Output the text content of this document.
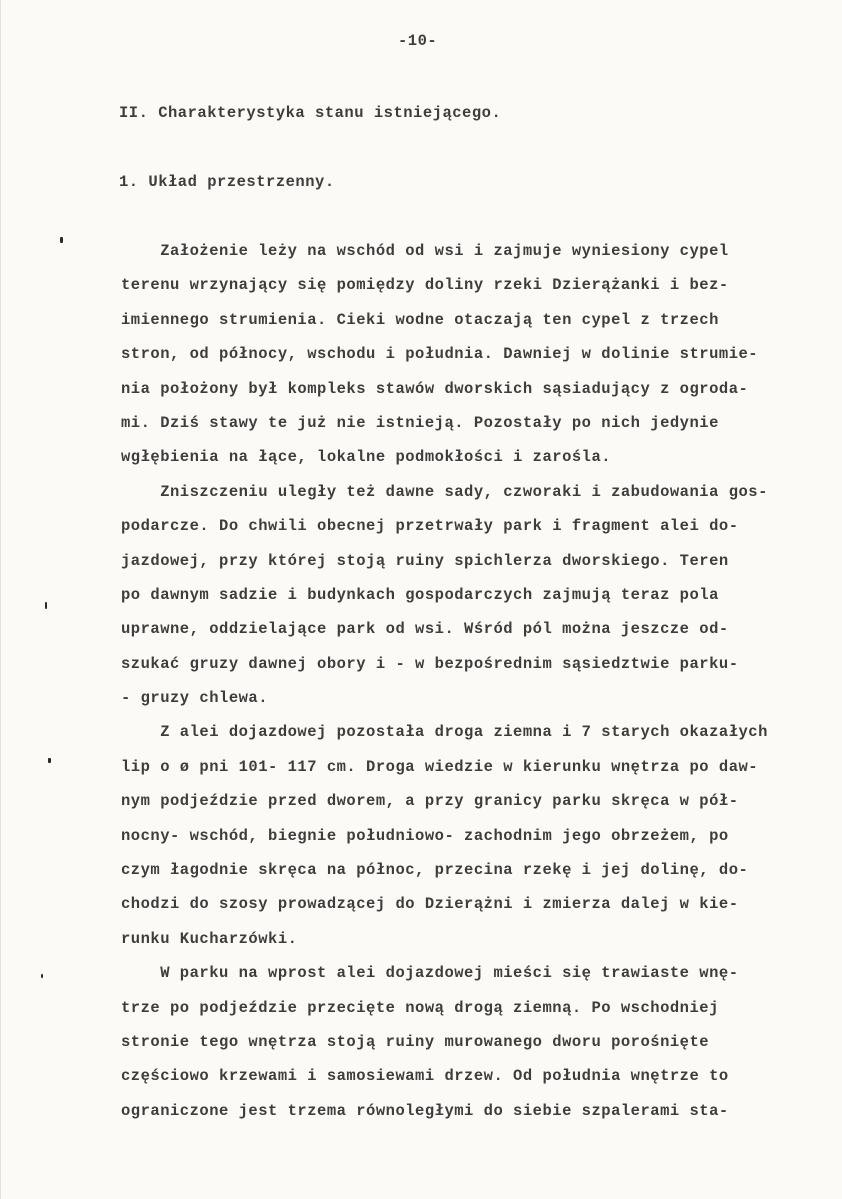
-10-
II. Charakterystyka stanu istniejącego.
1. Układ przestrzenny.
Założenie leży na wschód od wsi i zajmuje wyniesiony cypel
terenu wrzynający się pomiędzy doliny rzeki Dzierążanki i bez-
imiennego strumienia. Cieki wodne otaczają ten cypel z trzech
stron, od północy, wschodu i południa. Dawniej w dolinie strumie-
nia położony był kompleks stawów dworskich sąsiadujący z ogroda-
mi. Dziś stawy te już nie istnieją. Pozostały po nich jedynie
wgłębienia na łące, lokalne podmokłości i zarośla.
Zniszczeniu uległy też dawne sady, czworaki i zabudowania gos-
podarcze. Do chwili obecnej przetrwały park i fragment alei do-
jazdowej, przy której stoją ruiny spichlerza dworskiego. Teren
po dawnym sadzie i budynkach gospodarczych zajmują teraz pola
uprawne, oddzielające park od wsi. Wśród pól można jeszcze od-
szukać gruzy dawnej obory i - w bezpośrednim sąsiedztwie parku-
- gruzy chlewa.
Z alei dojazdowej pozostała droga ziemna i 7 starych okazałych
lip o ø pni 101- 117 cm. Droga wiedzie w kierunku wnętrza po daw-
nym podjeździe przed dworem, a przy granicy parku skręca w pół-
nocny- wschód, biegnie południowo- zachodnim jego obrzeżem, po
czym łagodnie skręca na północ, przecina rzekę i jej dolinę, do-
chodzi do szosy prowadzącej do Dzierążni i zmierza dalej w kie-
runku Kucharzówki.
W parku na wprost alei dojazdowej mieści się trawiaste wnę-
trze po podjeździe przecięte nową drogą ziemną. Po wschodniej
stronie tego wnętrza stoją ruiny murowanego dworu porośnięte
częściowo krzewami i samosiewami drzew. Od południa wnętrze to
ograniczone jest trzema równoległymi do siebie szpalerami sta-
